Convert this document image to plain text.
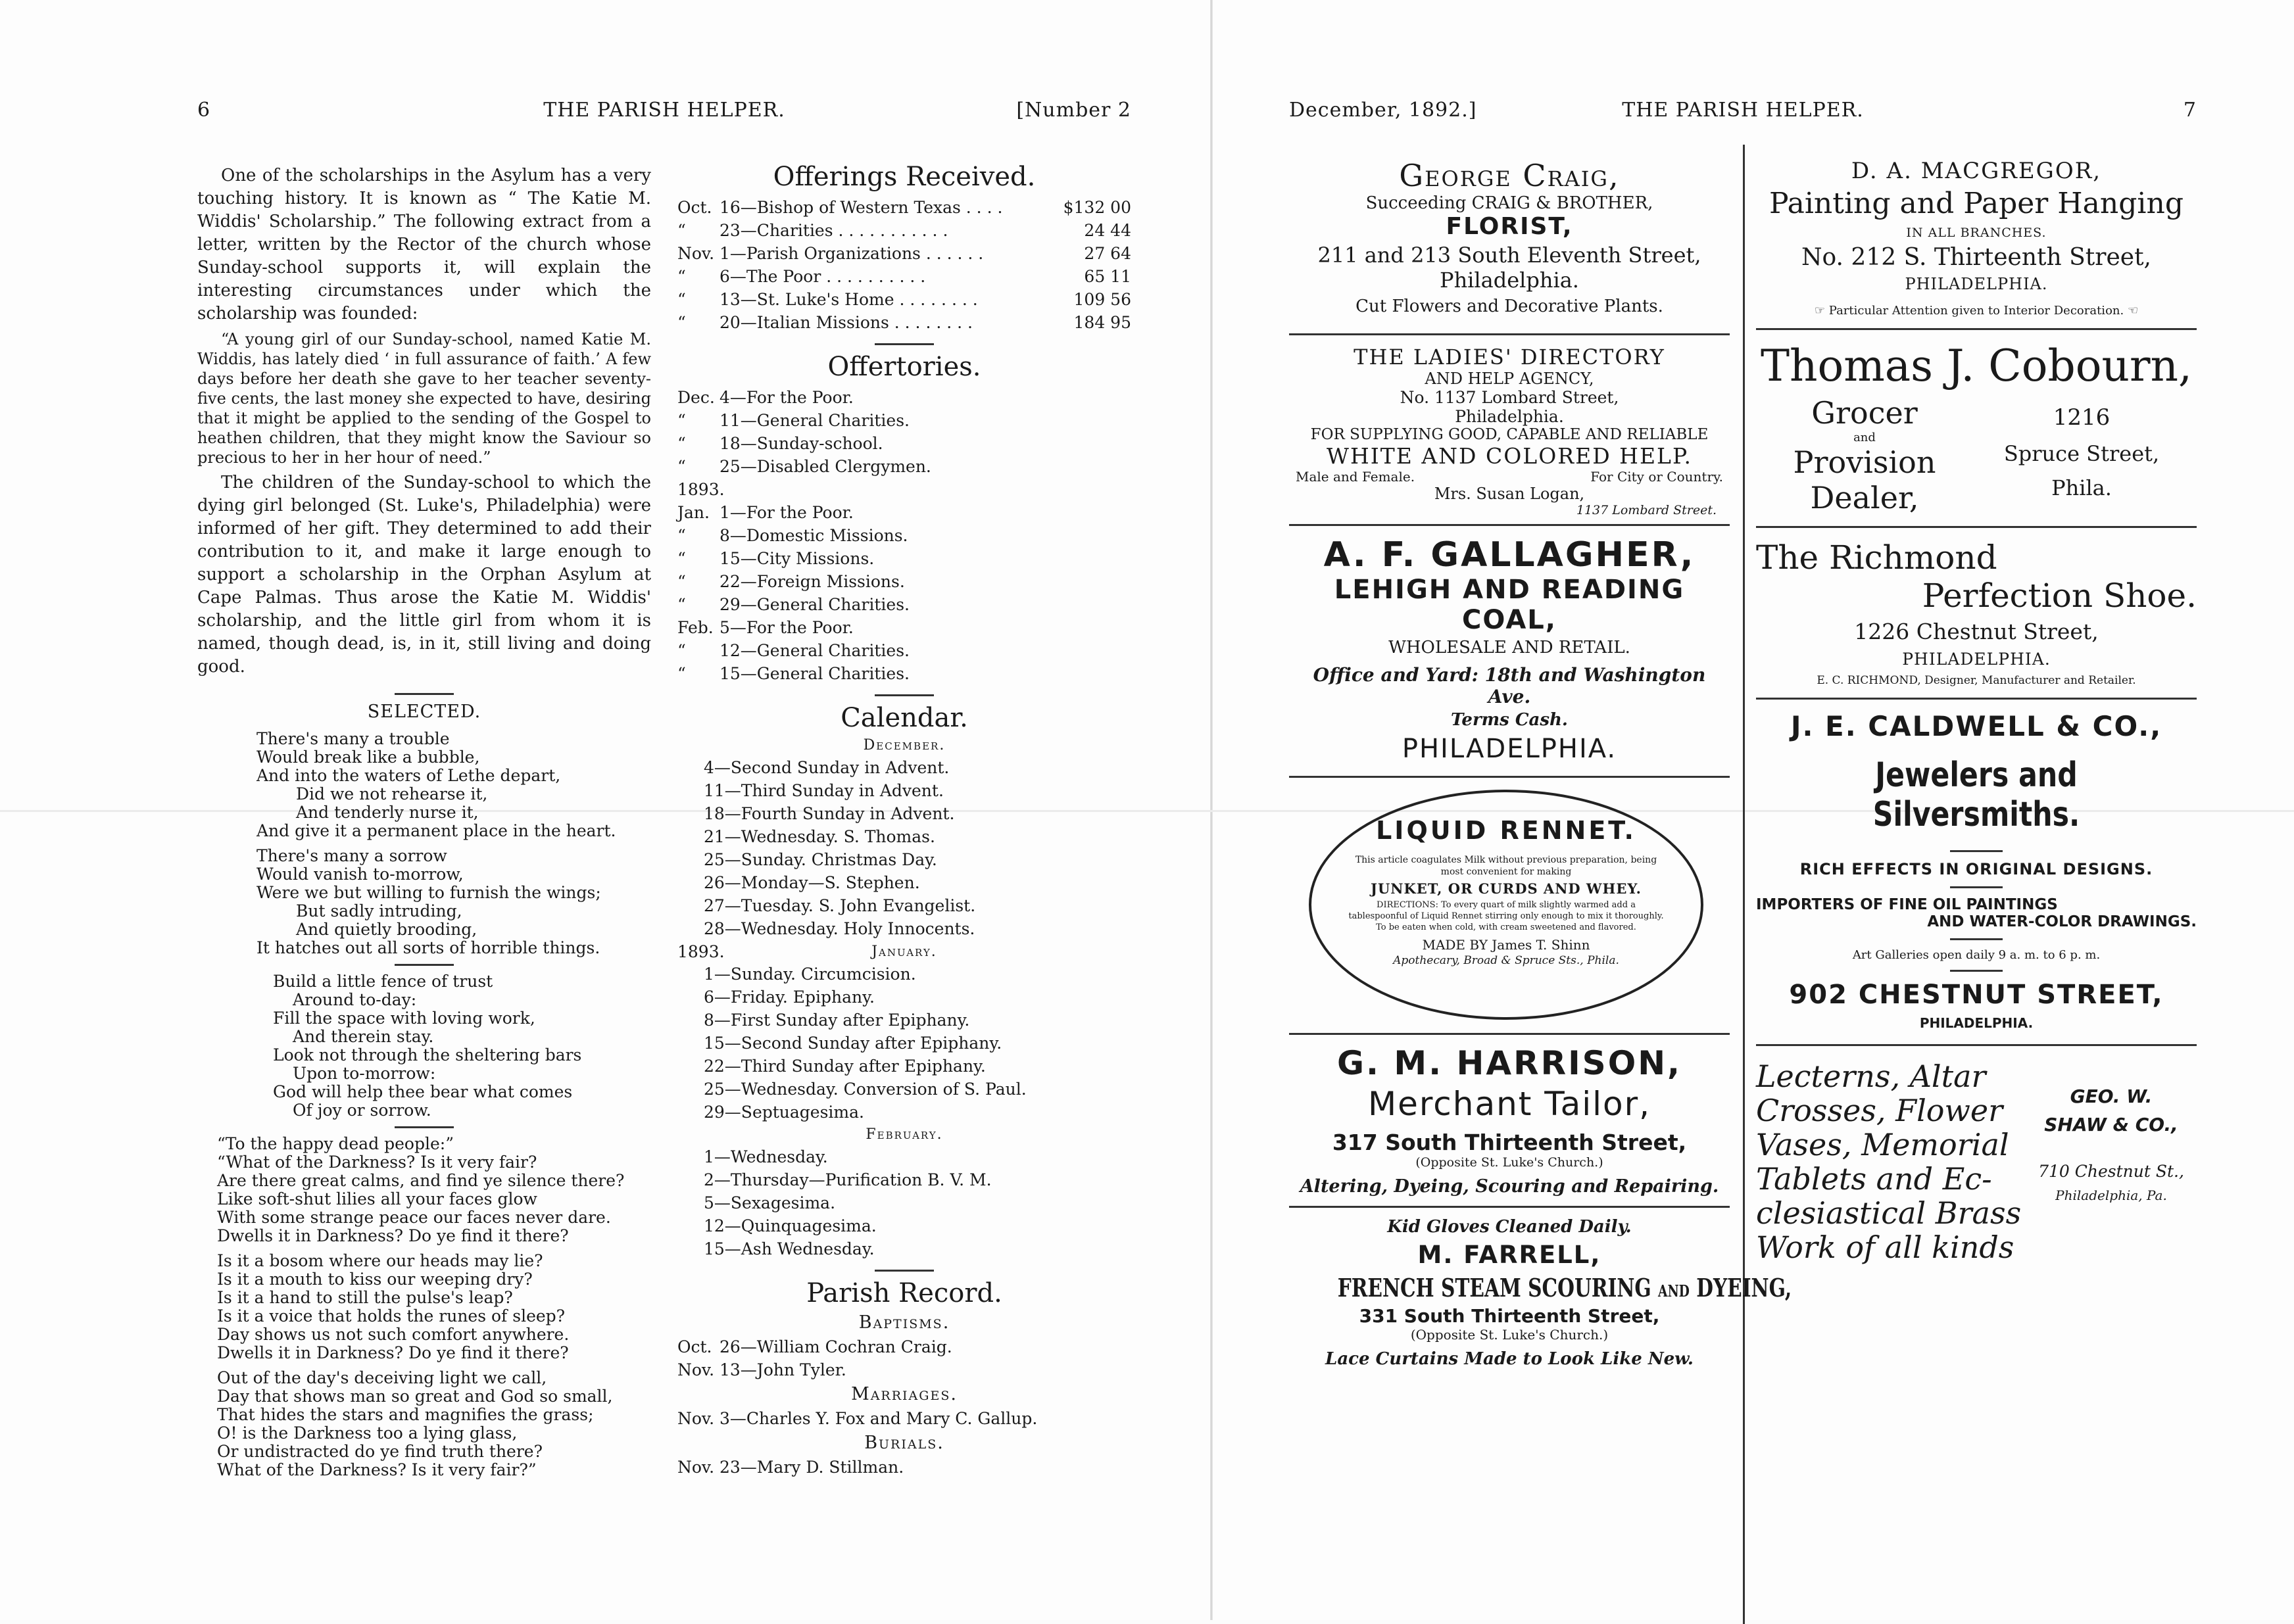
6	THE PARISH HELPER.	[Number 2

One of the scholarships in the Asylum has a very touching history. It is known as “ The Katie M. Widdis' Scholarship.” The following extract from a letter, written by the Rector of the church whose Sunday-school supports it, will explain the interesting circumstances under which the scholarship was founded:

“A young girl of our Sunday-school, named Katie M. Widdis, has lately died ‘ in full assurance of faith.’ A few days before her death she gave to her teacher seventy-five cents, the last money she expected to have, desiring that it might be applied to the sending of the Gospel to heathen children, that they might know the Saviour so precious to her in her hour of need.”

The children of the Sunday-school to which the dying girl belonged (St. Luke's, Philadelphia) were informed of her gift. They determined to add their contribution to it, and make it large enough to support a scholarship in the Orphan Asylum at Cape Palmas. Thus arose the Katie M. Widdis' scholarship, and the little girl from whom it is named, though dead, is, in it, still living and doing good.

SELECTED.
There's many a trouble
Would break like a bubble,
And into the waters of Lethe depart,
Did we not rehearse it,
And tenderly nurse it,
And give it a permanent place in the heart.
There's many a sorrow
Would vanish to-morrow,
Were we but willing to furnish the wings;
But sadly intruding,
And quietly brooding,
It hatches out all sorts of horrible things.
Build a little fence of trust
Around to-day:
Fill the space with loving work,
And therein stay.
Look not through the sheltering bars
Upon to-morrow:
God will help thee bear what comes
Of joy or sorrow.
“To the happy dead people:”
“What of the Darkness? Is it very fair?
Are there great calms, and find ye silence there?
Like soft-shut lilies all your faces glow
With some strange peace our faces never dare.
Dwells it in Darkness? Do ye find it there?
Is it a bosom where our heads may lie?
Is it a mouth to kiss our weeping dry?
Is it a hand to still the pulse's leap?
Is it a voice that holds the runes of sleep?
Day shows us not such comfort anywhere.
Dwells it in Darkness? Do ye find it there?
Out of the day's deceiving light we call,
Day that shows man so great and God so small,
That hides the stars and magnifies the grass;
O! is the Darkness too a lying glass,
Or undistracted do ye find truth there?
What of the Darkness? Is it very fair?”
Offerings Received.
Oct. 16—Bishop of Western Texas . . . .	$132 00
“	23—Charities . . . . . . . . . . .	24 44
Nov. 1—Parish Organizations . . . . . .	27 64
“	6—The Poor . . . . . . . . . .	65 11
“	13—St. Luke's Home . . . . . . . .	109 56
“	20—Italian Missions . . . . . . . .	184 95
Offertories.
Dec. 4—For the Poor.
“	11—General Charities.
“	18—Sunday-school.
“	25—Disabled Clergymen.
1893.
Jan. 1—For the Poor.
“	8—Domestic Missions.
“	15—City Missions.
“	22—Foreign Missions.
“	29—General Charities.
Feb. 5—For the Poor.
“	12—General Charities.
“	15—General Charities.
Calendar.
December.
4—Second Sunday in Advent.
11—Third Sunday in Advent.
18—Fourth Sunday in Advent.
21—Wednesday. S. Thomas.
25—Sunday. Christmas Day.
26—Monday—S. Stephen.
27—Tuesday. S. John Evangelist.
28—Wednesday. Holy Innocents.
1893.	January.
1—Sunday. Circumcision.
6—Friday. Epiphany.
8—First Sunday after Epiphany.
15—Second Sunday after Epiphany.
22—Third Sunday after Epiphany.
25—Wednesday. Conversion of S. Paul.
29—Septuagesima.
February.
1—Wednesday.
2—Thursday—Purification B. V. M.
5—Sexagesima.
12—Quinquagesima.
15—Ash Wednesday.
Parish Record.
Baptisms.
Oct. 26—William Cochran Craig.
Nov. 13—John Tyler.
Marriages.
Nov. 3—Charles Y. Fox and Mary C. Gallup.
Burials.
Nov. 23—Mary D. Stillman.
December, 1892.]	THE PARISH HELPER.	7
George Craig,
Succeeding CRAIG & BROTHER,
FLORIST,
211 and 213 South Eleventh Street,
Philadelphia.
Cut Flowers and Decorative Plants.
THE LADIES' DIRECTORY
AND HELP AGENCY,
No. 1137 Lombard Street,
Philadelphia.
FOR SUPPLYING GOOD, CAPABLE AND RELIABLE
WHITE AND COLORED HELP.
Male and Female.	For City or Country.
Mrs. Susan Logan,
1137 Lombard Street.
A. F. GALLAGHER,
LEHIGH AND READING COAL,
WHOLESALE AND RETAIL.
Office and Yard: 18th and Washington Ave.
Terms Cash.
PHILADELPHIA.
LIQUID RENNET.
This article coagulates Milk without previous preparation, being most convenient for making
JUNKET, OR CURDS AND WHEY.
DIRECTIONS: To every quart of milk slightly warmed add a tablespoonful of Liquid Rennet stirring only enough to mix it thoroughly. To be eaten when cold, with cream sweetened and flavored.
MADE BY James T. Shinn
Apothecary, Broad & Spruce Sts., Phila.
G. M. HARRISON,
Merchant Tailor,
317 South Thirteenth Street,
(Opposite St. Luke's Church.)
Altering, Dyeing, Scouring and Repairing.
Kid Gloves Cleaned Daily.
M. FARRELL,
FRENCH STEAM SCOURING AND DYEING,
331 South Thirteenth Street,
(Opposite St. Luke's Church.)
Lace Curtains Made to Look Like New.
D. A. MACGREGOR,
Painting and Paper Hanging
IN ALL BRANCHES.
No. 212 S. Thirteenth Street,
PHILADELPHIA.
☞ Particular Attention given to Interior Decoration. ☜
Thomas J. Cobourn,
Grocer
and
Provision
Dealer,
1216
Spruce Street,
Phila.
The Richmond
Perfection Shoe.
1226 Chestnut Street,
PHILADELPHIA.
E. C. RICHMOND, Designer, Manufacturer and Retailer.
J. E. CALDWELL & CO.,
Jewelers and Silversmiths.
RICH EFFECTS IN ORIGINAL DESIGNS.
IMPORTERS OF FINE OIL PAINTINGS
AND WATER-COLOR DRAWINGS.
Art Galleries open daily 9 a. m. to 6 p. m.
902 CHESTNUT STREET,
PHILADELPHIA.
Lecterns, Altar
Crosses, Flower
Vases, Memorial
Tablets and Ec-
clesiastical Brass
Work of all kinds
GEO. W.
SHAW & CO.,
710 Chestnut St.,
Philadelphia, Pa.
